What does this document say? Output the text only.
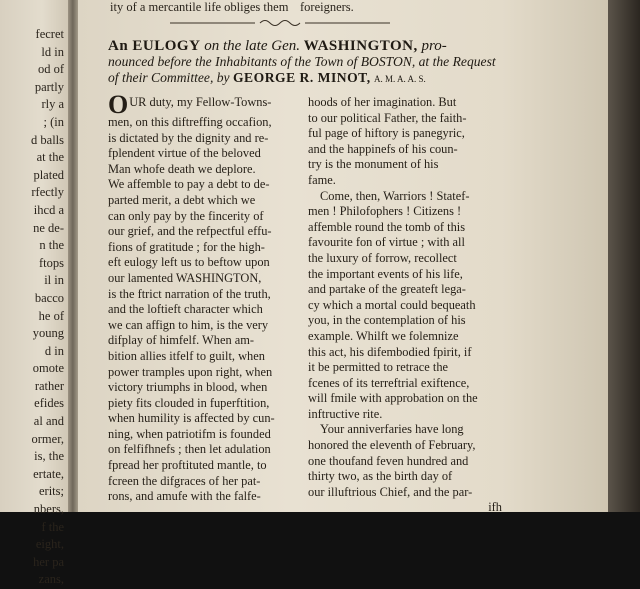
fecret
ld in
od of
partly
rly a
; (in
d balls
at the
plated
rfectly
ihcd a
ne de-
n the
ftops
il in
bacco
he of
young
d in
omote
rather
efides
al and
ormer,
is, the
ertate,
erits;
nbers,
f the
eight,
her pa
zans,
ity of a mercantile life obliges them foreigners.
An EULOGY on the late Gen. WASHINGTON, pro-
nounced before the Inhabitants of the Town of BOSTON, at the Request
of their Committee, by GEORGE R. MINOT, A. M. A. A. S.
OUR duty, my Fellow-Towns-
men, on this diftreffing occafion,
is dictated by the dignity and re-
fplendent virtue of the beloved
Man whofe death we deplore.
We affemble to pay a debt to de-
parted merit, a debt which we
can only pay by the fincerity of
our grief, and the refpectful effu-
fions of gratitude ; for the high-
eft eulogy left us to beftow upon
our lamented WASHINGTON,
is the ftrict narration of the truth,
and the loftieft character which
we can affign to him, is the very
difplay of himfelf. When am-
bition allies itfelf to guilt, when
power tramples upon right, when
victory triumphs in blood, when
piety fits clouded in fuperftition,
when humility is affected by cun-
ning, when patriotifm is founded
on felfifhnefs ; then let adulation
fpread her proftituted mantle, to
fcreen the difgraces of her pat-
rons, and amufe with the falfe-
hoods of her imagination. But
to our political Father, the faith-
ful page of hiftory is panegyric,
and the happinefs of his coun-
try is the monument of his
fame.
Come, then, Warriors ! Statef-
men ! Philofophers ! Citizens !
affemble round the tomb of this
favourite fon of virtue ; with all
the luxury of forrow, recollect
the important events of his life,
and partake of the greateft lega-
cy which a mortal could bequeath
you, in the contemplation of his
example. Whilft we folemnize
this act, his difembodied fpirit, if
it be permitted to retrace the
fcenes of its terreftrial exiftence,
will fmile with approbation on the
inftructive rite.
Your anniverfaries have long
honored the eleventh of February,
one thoufand feven hundred and
thirty two, as the birth day of
our illuftrious Chief, and the par-
ifh
